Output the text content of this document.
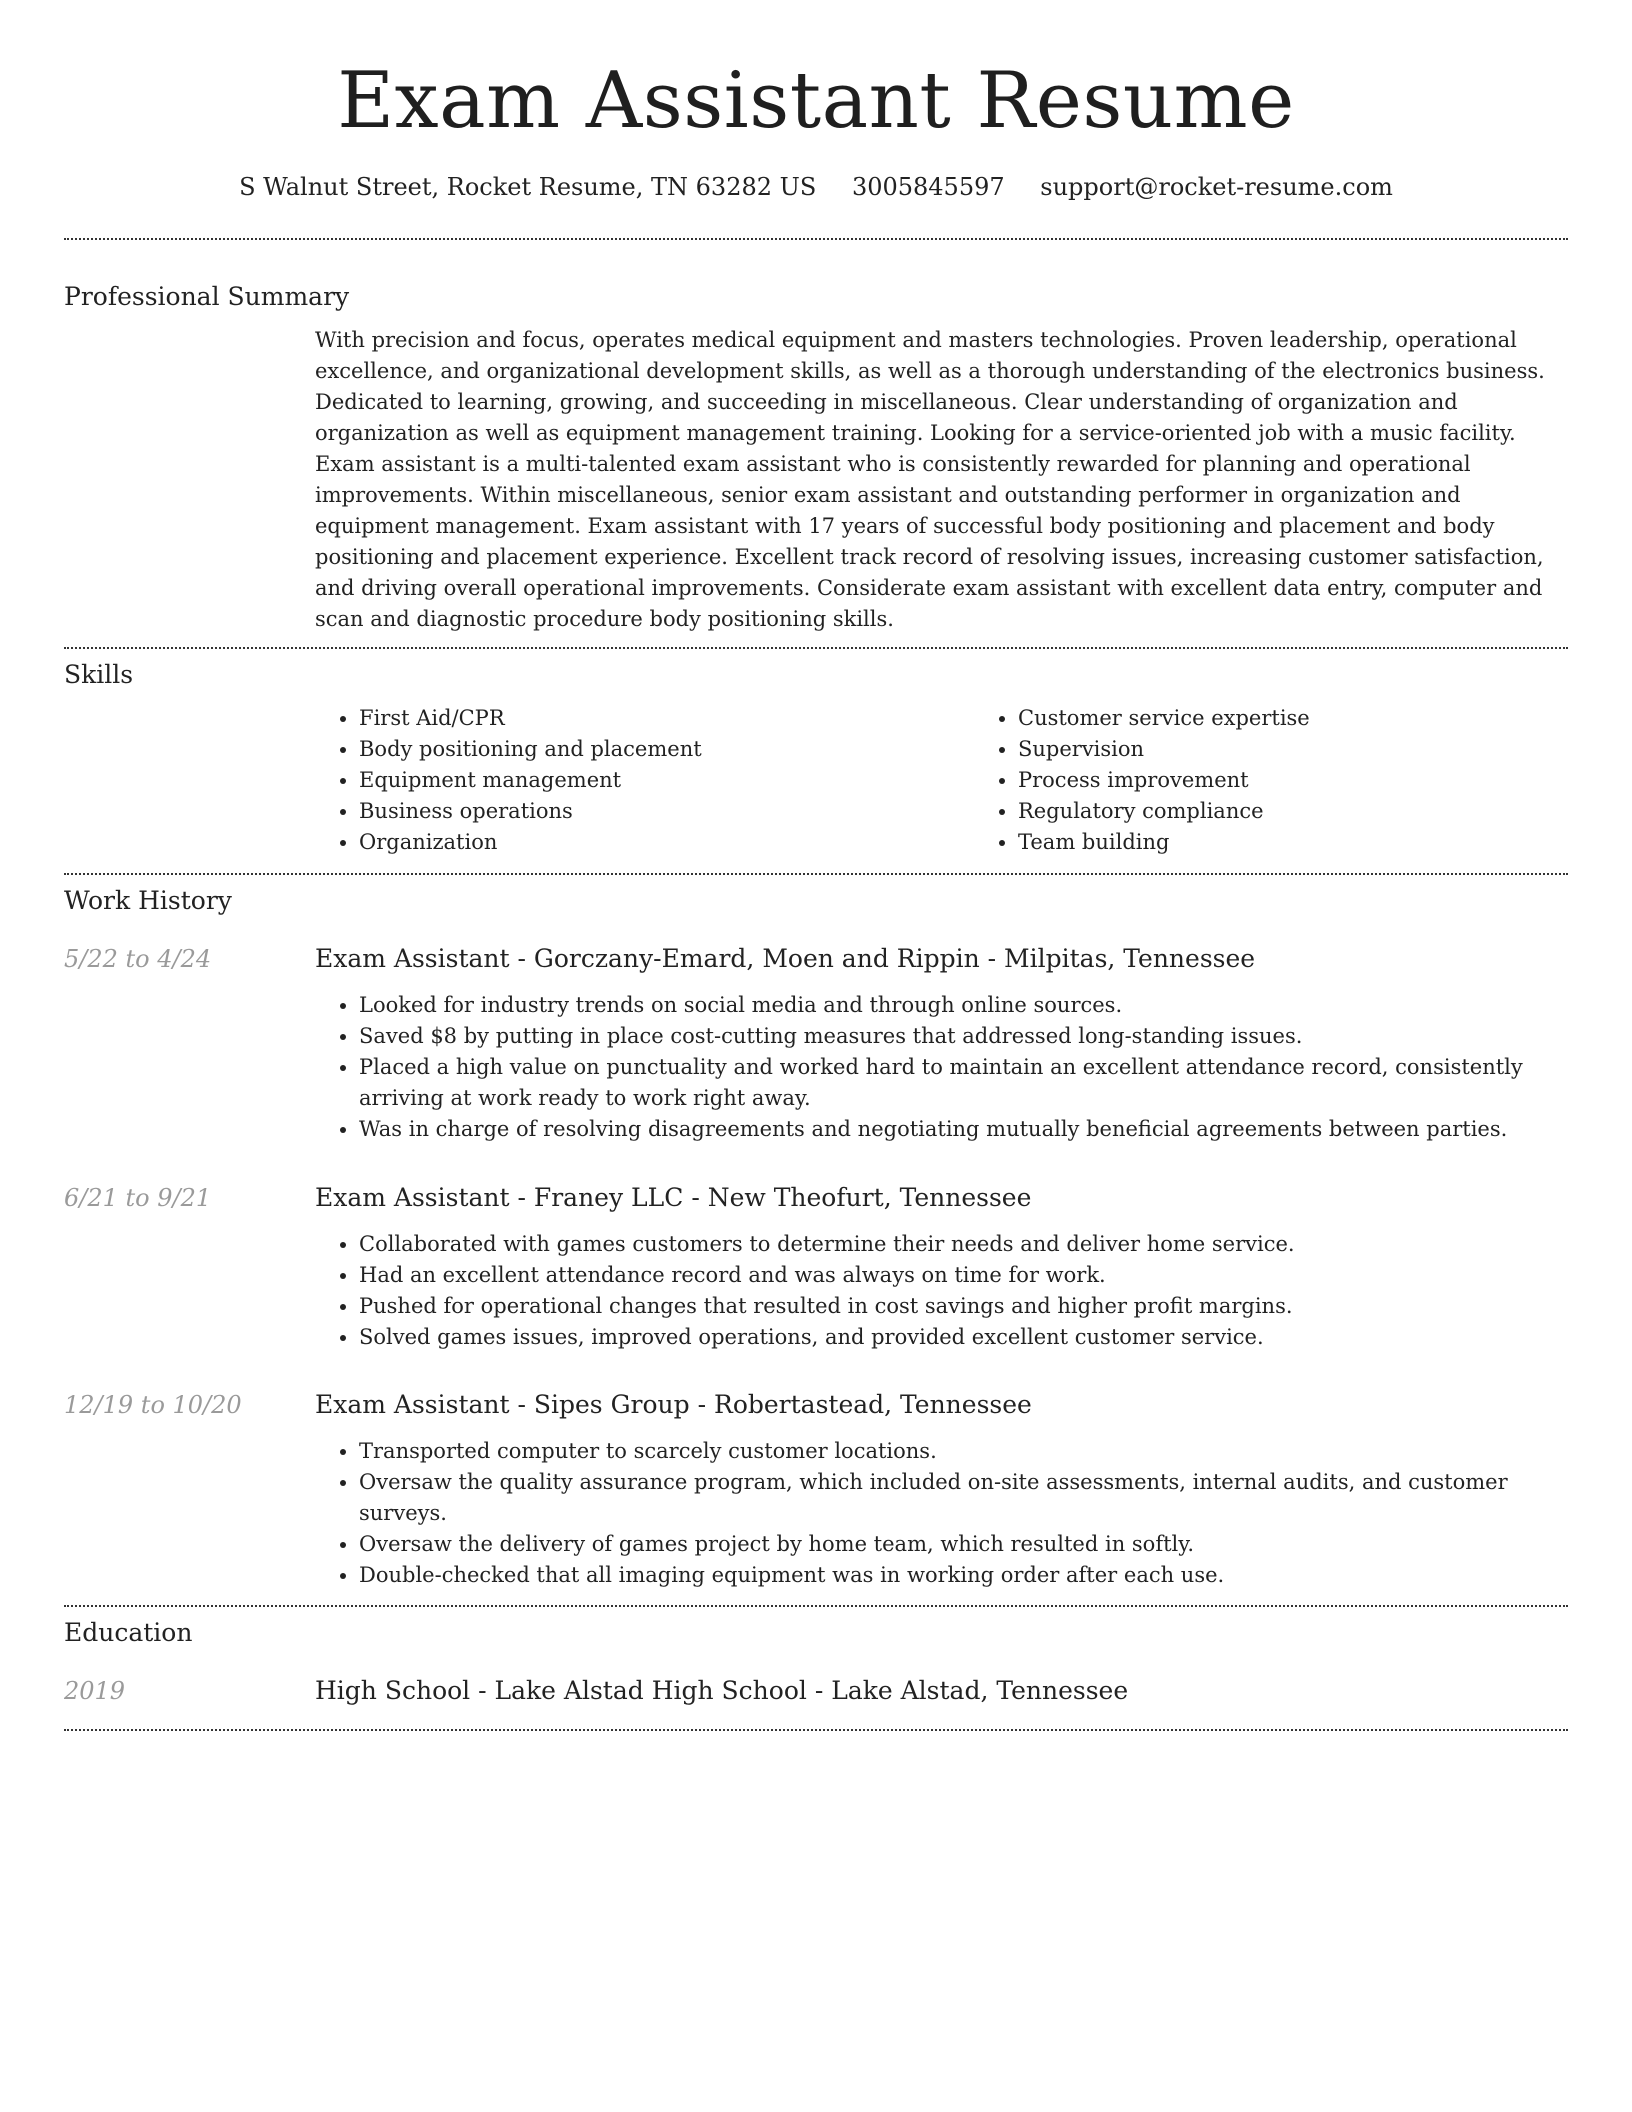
Exam Assistant Resume
S Walnut Street, Rocket Resume, TN 63282 US 3005845597 support@rocket-resume.com
Professional Summary

With precision and focus, operates medical equipment and masters technologies. Proven leadership, operational excellence, and organizational development skills, as well as a thorough understanding of the electronics business. Dedicated to learning, growing, and succeeding in miscellaneous. Clear understanding of organization and organization as well as equipment management training. Looking for a service-oriented job with a music facility. Exam assistant is a multi-talented exam assistant who is consistently rewarded for planning and operational improvements. Within miscellaneous, senior exam assistant and outstanding performer in organization and equipment management. Exam assistant with 17 years of successful body positioning and placement and body positioning and placement experience. Excellent track record of resolving issues, increasing customer satisfaction, and driving overall operational improvements. Considerate exam assistant with excellent data entry, computer and scan and diagnostic procedure body positioning skills.

Skills
• First Aid/CPR
• Body positioning and placement
• Equipment management
• Business operations
• Organization
• Customer service expertise
• Supervision
• Process improvement
• Regulatory compliance
• Team building
Work History
5/22 to 4/24	Exam Assistant - Gorczany-Emard, Moen and Rippin - Milpitas, Tennessee
• Looked for industry trends on social media and through online sources.
• Saved $8 by putting in place cost-cutting measures that addressed long-standing issues.
• Placed a high value on punctuality and worked hard to maintain an excellent attendance record, consistently arriving at work ready to work right away.
• Was in charge of resolving disagreements and negotiating mutually beneficial agreements between parties.
6/21 to 9/21	Exam Assistant - Franey LLC - New Theofurt, Tennessee
• Collaborated with games customers to determine their needs and deliver home service.
• Had an excellent attendance record and was always on time for work.
• Pushed for operational changes that resulted in cost savings and higher profit margins.
• Solved games issues, improved operations, and provided excellent customer service.
12/19 to 10/20	Exam Assistant - Sipes Group - Robertastead, Tennessee
• Transported computer to scarcely customer locations.
• Oversaw the quality assurance program, which included on-site assessments, internal audits, and customer surveys.
• Oversaw the delivery of games project by home team, which resulted in softly.
• Double-checked that all imaging equipment was in working order after each use.
Education
2019	High School - Lake Alstad High School - Lake Alstad, Tennessee
